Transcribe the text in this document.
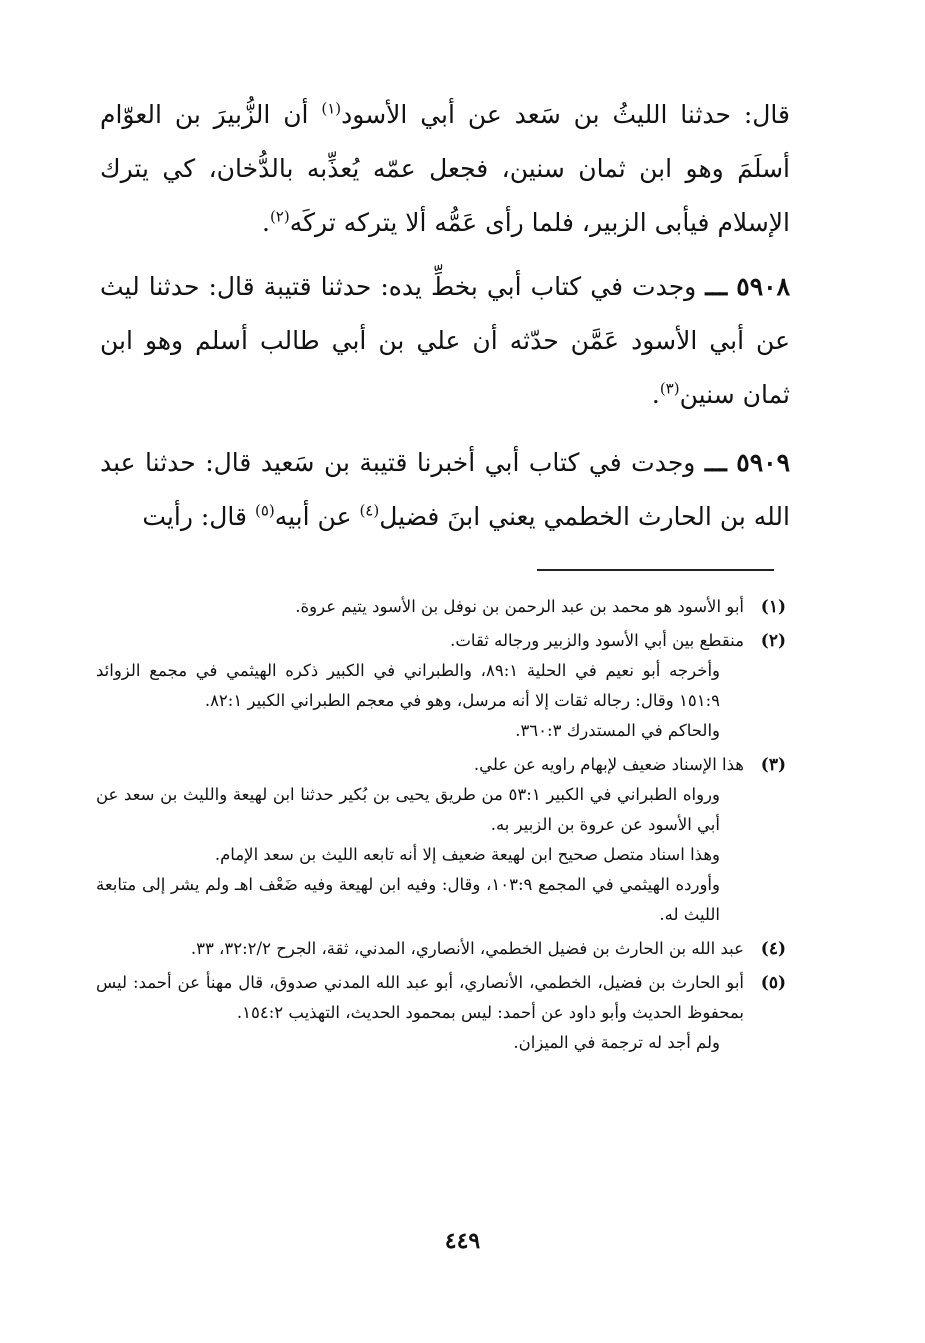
قال: حدثنا الليثُ بن سَعد عن أبي الأسود$^{(١)}$ أن الزُّبيرَ بن العوّام أسلَمَ وهو ابن ثمان سنين، فجعل عمّه يُعذِّبه بالدُّخان، كي يترك الإسلام فيأبى الزبير، فلما رأى عَمُّه ألا يتركه تركَه$^{(٢)}$.

٥٩٠٨ ـــ وجدت في كتاب أبي بخطِّ يده: حدثنا قتيبة قال: حدثنا ليث عن أبي الأسود عَمَّن حدّثه أن علي بن أبي طالب أسلم وهو ابن ثمان سنين$^{(٣)}$.

٥٩٠٩ ـــ وجدت في كتاب أبي أخبرنا قتيبة بن سَعيد قال: حدثنا عبد الله بن الحارث الخطمي يعني ابنَ فضيل$^{(٤)}$ عن أبيه$^{(٥)}$ قال: رأيت

(١)
أبو الأسود هو محمد بن عبد الرحمن بن نوفل بن الأسود يتيم عروة.
(٢)
منقطع بين أبي الأسود والزبير ورجاله ثقات.
وأخرجه أبو نعيم في الحلية ٨٩:١، والطبراني في الكبير ذكره الهيثمي في مجمع الزوائد ١٥١:٩ وقال: رجاله ثقات إلا أنه مرسل، وهو في معجم الطبراني الكبير ٨٢:١.
والحاكم في المستدرك ٣٦٠:٣.
(٣)
هذا الإسناد ضعيف لإبهام راويه عن علي.
ورواه الطبراني في الكبير ٥٣:١ من طريق يحيى بن بُكير حدثنا ابن لهيعة والليث بن سعد عن أبي الأسود عن عروة بن الزبير به.
وهذا اسناد متصل صحيح ابن لهيعة ضعيف إلا أنه تابعه الليث بن سعد الإمام.
وأورده الهيثمي في المجمع ١٠٣:٩، وقال: وفيه ابن لهيعة وفيه ضَعْف اهـ ولم يشر إلى متابعة الليث له.
(٤)
عبد الله بن الحارث بن فضيل الخطمي، الأنصاري، المدني، ثقة، الجرح ٣٢:٢/٢، ٣٣.
(٥)
أبو الحارث بن فضيل، الخطمي، الأنصاري، أبو عبد الله المدني صدوق، قال مهنأ عن أحمد: ليس بمحفوظ الحديث وأبو داود عن أحمد: ليس بمحمود الحديث، التهذيب ١٥٤:٢.
ولم أجد له ترجمة في الميزان.
٤٤٩
